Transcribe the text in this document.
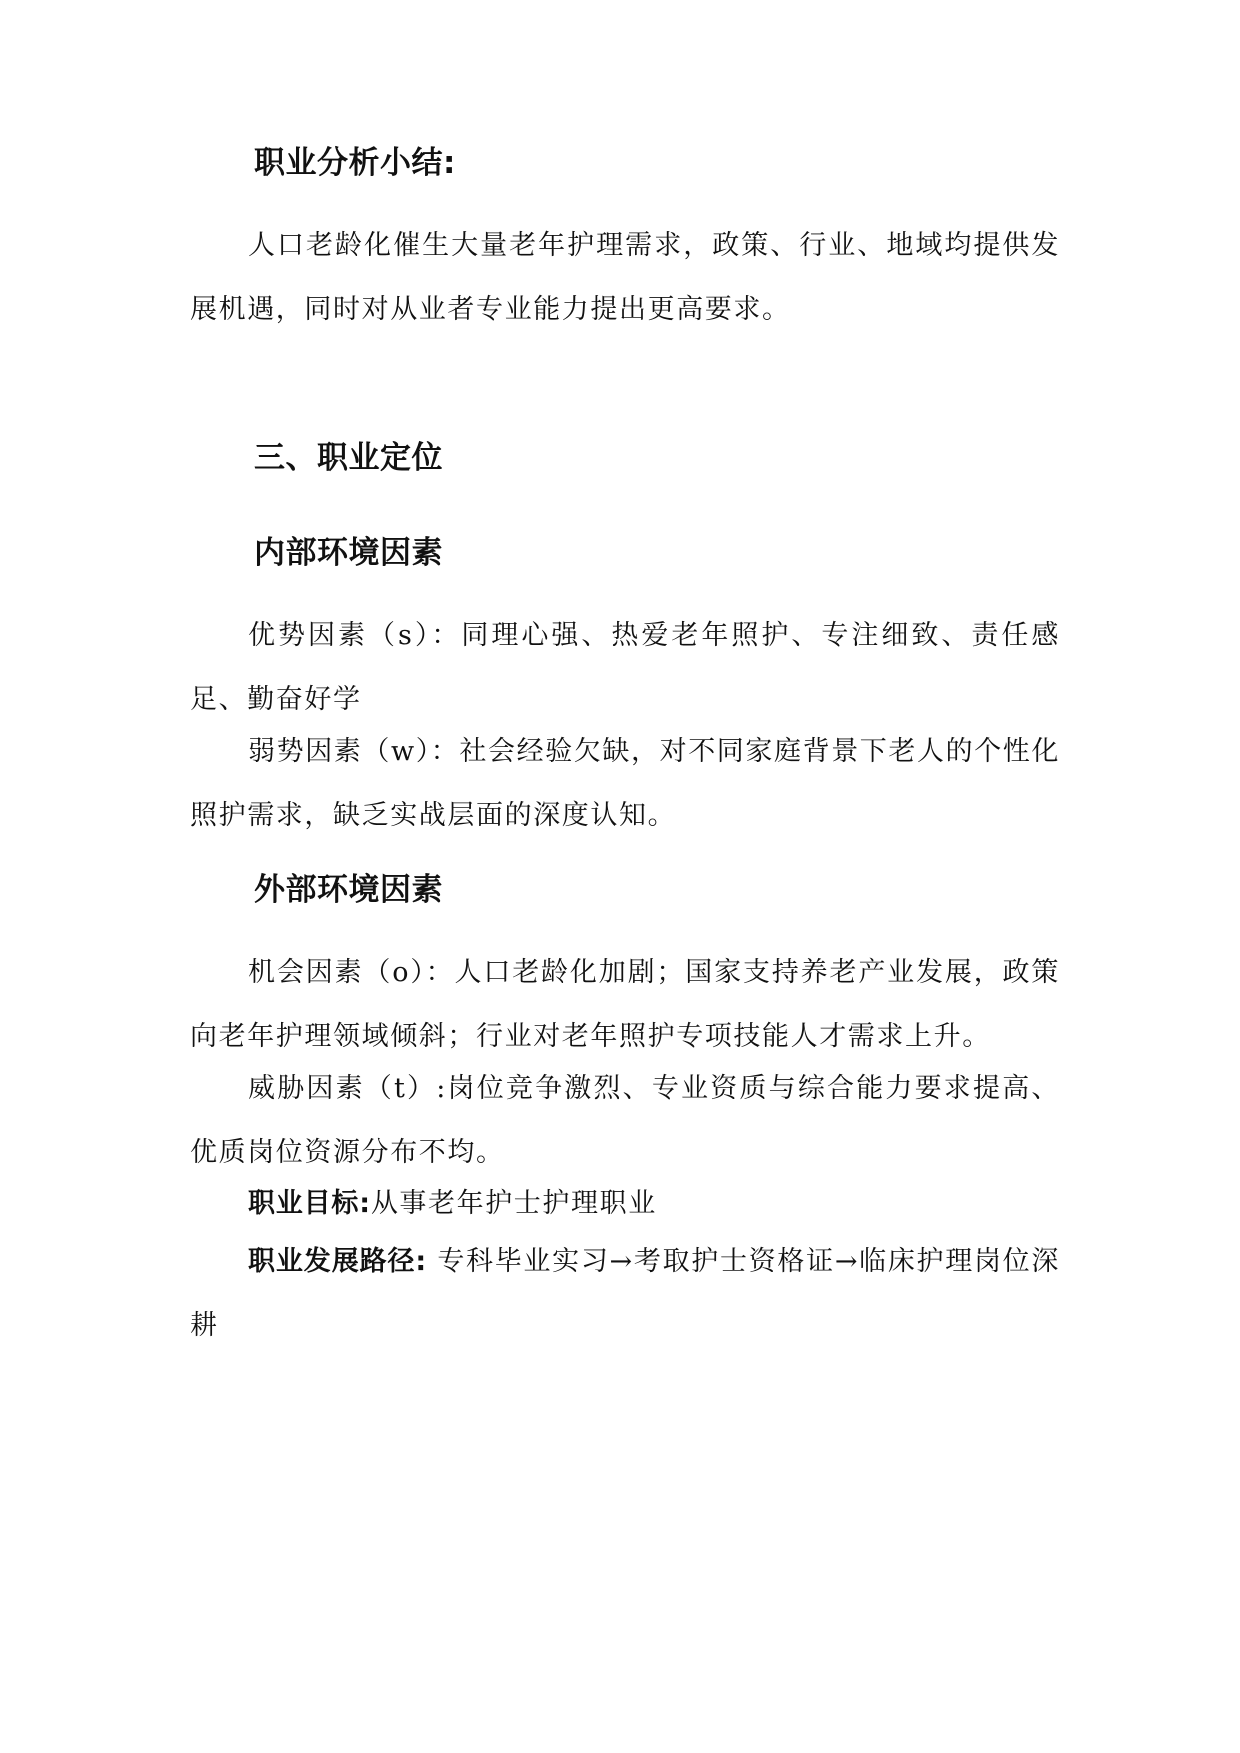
职业分析小结:

人口老龄化催生大量老年护理需求，政策、行业、地域均提供发展机遇，同时对从业者专业能力提出更高要求。

三、职业定位
内部环境因素

优势因素（s）：同理心强、热爱老年照护、专注细致、责任感足、勤奋好学

弱势因素（w）：社会经验欠缺，对不同家庭背景下老人的个性化照护需求，缺乏实战层面的深度认知。

外部环境因素

机会因素（o）：人口老龄化加剧；国家支持养老产业发展，政策向老年护理领域倾斜；行业对老年照护专项技能人才需求上升。

威胁因素（t）:岗位竞争激烈、专业资质与综合能力要求提高、优质岗位资源分布不均。

职业目标:从事老年护士护理职业

职业发展路径: 专科毕业实习→考取护士资格证→临床护理岗位深耕
